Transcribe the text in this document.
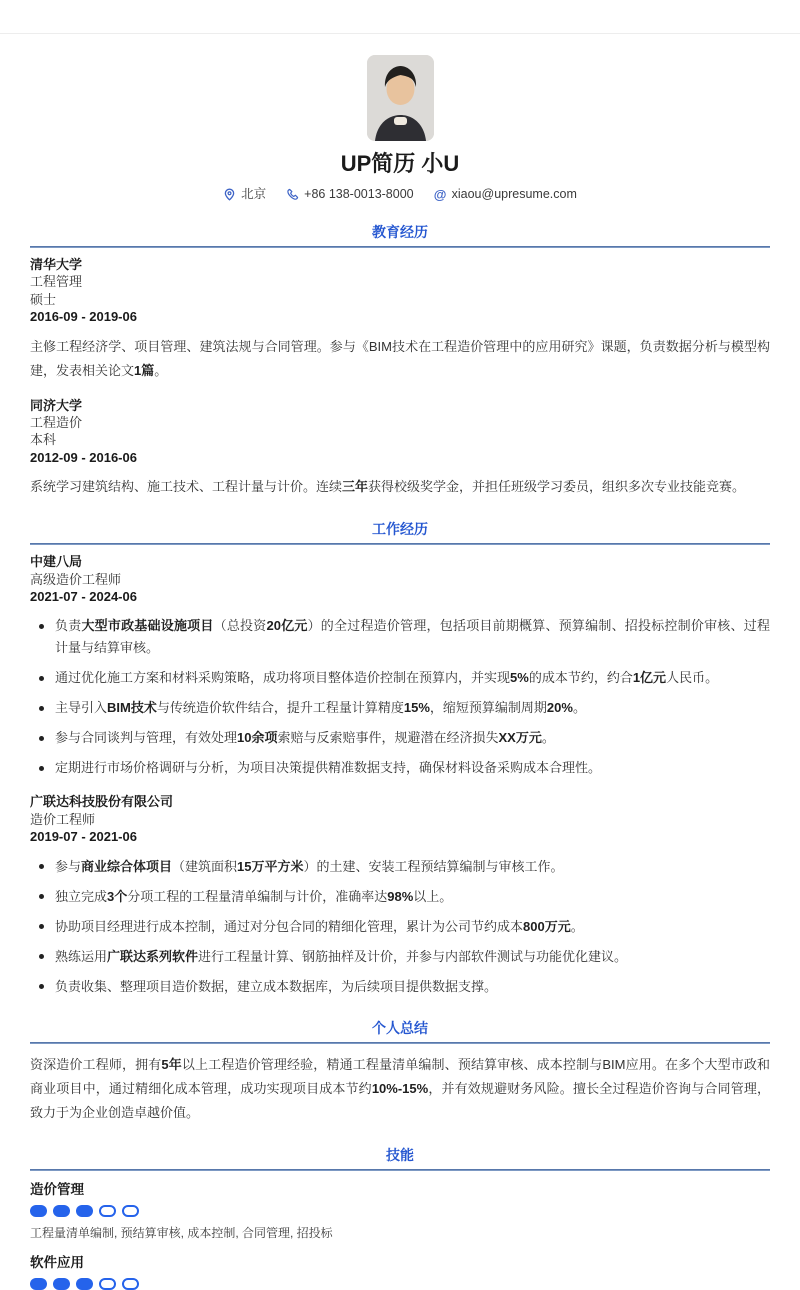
UP简历 小U
北京	+86 138-0013-8000 @ xiaou@upresume.com
教育经历
清华大学
工程管理
硕士
2016-09 - 2019-06
主修工程经济学、项目管理、建筑法规与合同管理。参与《BIM技术在工程造价管理中的应用研究》课题，负责数据分析与模型构建，发表相关论文1篇。
同济大学
工程造价
本科
2012-09 - 2016-06
系统学习建筑结构、施工技术、工程计量与计价。连续三年获得校级奖学金，并担任班级学习委员，组织多次专业技能竞赛。
工作经历
中建八局
高级造价工程师
2021-07 - 2024-06
负责大型市政基础设施项目（总投资20亿元）的全过程造价管理，包括项目前期概算、预算编制、招投标控制价审核、过程计量与结算审核。
通过优化施工方案和材料采购策略，成功将项目整体造价控制在预算内，并实现5%的成本节约，约合1亿元人民币。
主导引入BIM技术与传统造价软件结合，提升工程量计算精度15%，缩短预算编制周期20%。
参与合同谈判与管理，有效处理10余项索赔与反索赔事件，规避潜在经济损失XX万元。
定期进行市场价格调研与分析，为项目决策提供精准数据支持，确保材料设备采购成本合理性。
广联达科技股份有限公司
造价工程师
2019-07 - 2021-06
参与商业综合体项目（建筑面积15万平方米）的土建、安装工程预结算编制与审核工作。
独立完成3个分项工程的工程量清单编制与计价，准确率达98%以上。
协助项目经理进行成本控制，通过对分包合同的精细化管理，累计为公司节约成本800万元。
熟练运用广联达系列软件进行工程量计算、钢筋抽样及计价，并参与内部软件测试与功能优化建议。
负责收集、整理项目造价数据，建立成本数据库，为后续项目提供数据支撑。
个人总结
资深造价工程师，拥有5年以上工程造价管理经验，精通工程量清单编制、预结算审核、成本控制与BIM应用。在多个大型市政和商业项目中，通过精细化成本管理，成功实现项目成本节约10%-15%，并有效规避财务风险。擅长全过程造价咨询与合同管理，致力于为企业创造卓越价值。
技能
造价管理
工程量清单编制, 预结算审核, 成本控制, 合同管理, 招投标
软件应用
